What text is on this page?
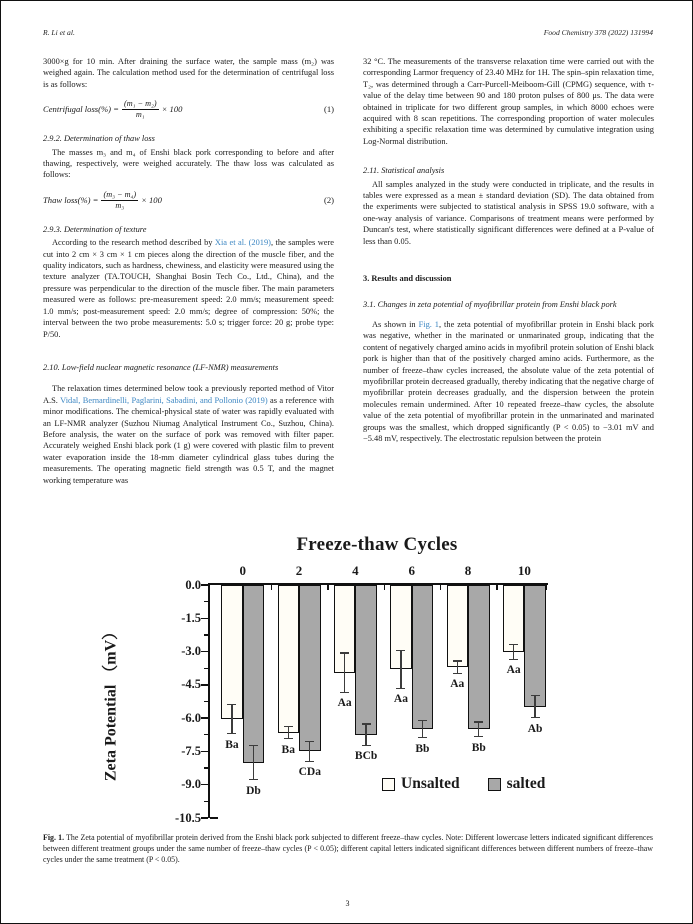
R. Li et al.	Food Chemistry 378 (2022) 131994

3000×g for 10 min. After draining the surface water, the sample mass (m₂) was weighed again. The calculation method used for the determination of centrifugal loss is as follows:

Centrifugal loss(%) = $\frac{\text{(m₁ − m₂)}}{\text{m₁}} \times 100$	(1)

2.9.2. Determination of thaw loss

The masses m₃ and m₄ of Enshi black pork corresponding to before and after thawing, respectively, were weighed accurately. The thaw loss was calculated as follows:

Thaw loss(%) = $\frac{\text{(m₃ − m₄)}}{\text{m₃}} \times 100$	(2)

2.9.3. Determination of texture

According to the research method described by Xia et al. (2019), the samples were cut into 2 cm × 3 cm × 1 cm pieces along the direction of the muscle fiber, and the quality indicators, such as hardness, chewiness, and elasticity were measured using the texture analyzer (TA.TOUCH, Shanghai Bosin Tech Co., Ltd., China), and the pressure was perpendicular to the direction of the muscle fiber. The main parameters measured were as follows: pre-measurement speed: 2.0 mm/s; measurement speed: 1.0 mm/s; post-measurement speed: 2.0 mm/s; degree of compression: 50%; the interval between the two probe measurements: 5.0 s; trigger force: 20 g; probe type: P/50.

2.10. Low-field nuclear magnetic resonance (LF-NMR) measurements

The relaxation times determined below took a previously reported method of Vitor A.S. Vidal, Bernardinelli, Paglarini, Sabadini, and Pollonio (2019) as a reference with minor modifications. The chemical-physical state of water was rapidly evaluated with an LF-NMR analyzer (Suzhou Niumag Analytical Instrument Co., Suzhou, China). Before analysis, the water on the surface of pork was removed with filter paper. Accurately weighed Enshi black pork (1 g) were covered with plastic film to prevent water evaporation inside the 18-mm diameter cylindrical glass tubes during the measurements. The operating magnetic field strength was 0.5 T, and the magnet working temperature was

32 °C. The measurements of the transverse relaxation time were carried out with the corresponding Larmor frequency of 23.40 MHz for 1H. The spin–spin relaxation time, T₂, was determined through a Carr-Purcell-Meiboom-Gill (CPMG) sequence, with τ-value of the delay time between 90 and 180 proton pulses of 800 μs. The data were obtained in triplicate for two different group samples, in which 8000 echoes were acquired with 8 scan repetitions. The corresponding proportion of water molecules exhibiting a specific relaxation time was determined by cumulative integration using Log-Normal distribution.

2.11. Statistical analysis

All samples analyzed in the study were conducted in triplicate, and the results in tables were expressed as a mean ± standard deviation (SD). The data obtained from the experiments were subjected to statistical analysis in SPSS 19.0 software, with a one-way analysis of variance. Comparisons of treatment means were performed by Duncan's test, where statistically significant differences were defined at a P-value of less than 0.05.

3. Results and discussion

3.1. Changes in zeta potential of myofibrillar protein from Enshi black pork

As shown in Fig. 1, the zeta potential of myofibrillar protein in Enshi black pork was negative, whether in the marinated or unmarinated group, indicating that the content of negatively charged amino acids in myofibril protein solution of Enshi black pork is higher than that of the positively charged amino acids. Furthermore, as the number of freeze–thaw cycles increased, the absolute value of the zeta potential of myofibrillar protein decreased gradually, thereby indicating that the negative charge of myofibrillar protein decreases gradually, and the dispersion between the protein molecules remain undermined. After 10 repeated freeze–thaw cycles, the absolute value of the zeta potential of myofibrillar protein in the unmarinated and marinated groups was the smallest, which dropped significantly (P < 0.05) to −3.01 mV and −5.48 mV, respectively. The electrostatic repulsion between the protein

Freeze-thaw Cycles
Zeta Potential （mV）
Unsalted	salted
0.0
-1.5
-3.0
-4.5
-6.0
-7.5
-9.0
-10.5
0
Ba
Db
2
Ba
CDa
4
Aa
BCb
6
Aa
Bb
8
Aa
Bb
10
Aa
Ab
Fig. 1. The Zeta potential of myofibrillar protein derived from the Enshi black pork subjected to different freeze–thaw cycles. Note: Different lowercase letters indicated significant differences between different treatment groups under the same number of freeze–thaw cycles (P < 0.05); different capital letters indicated significant differences between different numbers of freeze–thaw cycles under the same treatment (P < 0.05).
3
